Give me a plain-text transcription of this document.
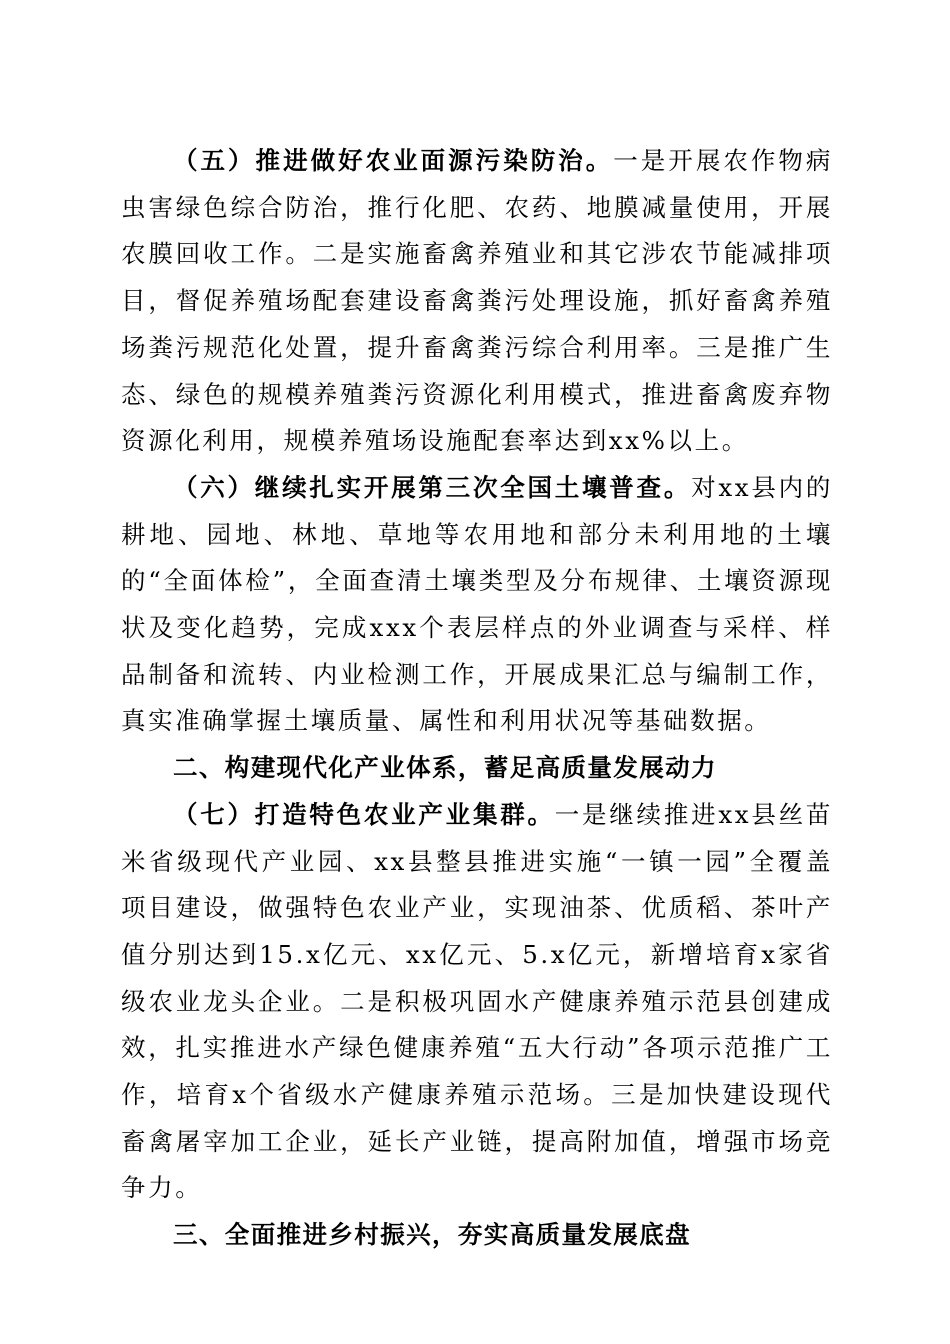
（五）推进做好农业面源污染防治。一是开展农作物病虫害绿色综合防治，推行化肥、农药、地膜减量使用，开展农膜回收工作。二是实施畜禽养殖业和其它涉农节能减排项目，督促养殖场配套建设畜禽粪污处理设施，抓好畜禽养殖场粪污规范化处置，提升畜禽粪污综合利用率。三是推广生态、绿色的规模养殖粪污资源化利用模式，推进畜禽废弃物资源化利用，规模养殖场设施配套率达到xx%以上。

（六）继续扎实开展第三次全国土壤普查。对xx县内的耕地、园地、林地、草地等农用地和部分未利用地的土壤的“全面体检”，全面查清土壤类型及分布规律、土壤资源现状及变化趋势，完成xxx个表层样点的外业调查与采样、样品制备和流转、内业检测工作，开展成果汇总与编制工作，真实准确掌握土壤质量、属性和利用状况等基础数据。

二、构建现代化产业体系，蓄足高质量发展动力

（七）打造特色农业产业集群。一是继续推进xx县丝苗米省级现代产业园、xx县整县推进实施“一镇一园”全覆盖项目建设，做强特色农业产业，实现油茶、优质稻、茶叶产值分别达到15.x亿元、xx亿元、5.x亿元，新增培育x家省级农业龙头企业。二是积极巩固水产健康养殖示范县创建成效，扎实推进水产绿色健康养殖“五大行动”各项示范推广工作，培育x个省级水产健康养殖示范场。三是加快建设现代畜禽屠宰加工企业，延长产业链，提高附加值，增强市场竞争力。

三、全面推进乡村振兴，夯实高质量发展底盘
